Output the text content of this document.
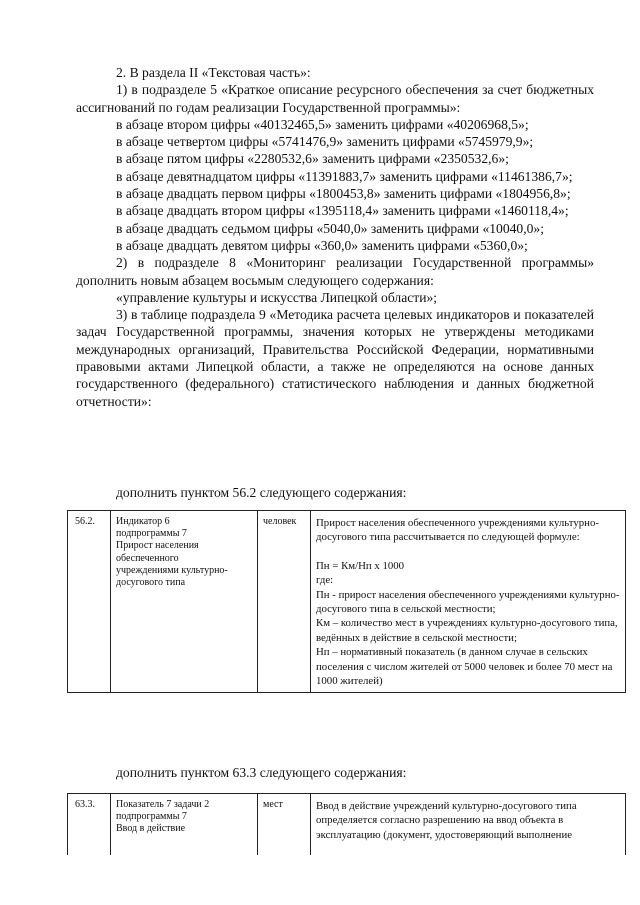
2. В раздела II «Текстовая часть»:

1) в подразделе 5 «Краткое описание ресурсного обеспечения за счет бюджетных ассигнований по годам реализации Государственной программы»:

в абзаце втором цифры «40132465,5» заменить цифрами «40206968,5»;

в абзаце четвертом цифры «5741476,9» заменить цифрами «5745979,9»;

в абзаце пятом цифры «2280532,6» заменить цифрами «2350532,6»;

в абзаце девятнадцатом цифры «11391883,7» заменить цифрами «11461386,7»;

в абзаце двадцать первом цифры «1800453,8» заменить цифрами «1804956,8»;

в абзаце двадцать втором цифры «1395118,4» заменить цифрами «1460118,4»;

в абзаце двадцать седьмом цифры «5040,0» заменить цифрами «10040,0»;

в абзаце двадцать девятом цифры «360,0» заменить цифрами «5360,0»;

2) в подразделе 8 «Мониторинг реализации Государственной программы» дополнить новым абзацем восьмым следующего содержания:

«управление культуры и искусства Липецкой области»;

3) в таблице подраздела 9 «Методика расчета целевых индикаторов и показателей задач Государственной программы, значения которых не утверждены методиками международных организаций, Правительства Российской Федерации, нормативными правовыми актами Липецкой области, а также не определяются на основе данных государственного (федерального) статистического наблюдения и данных бюджетной отчетности»:

дополнить пунктом 56.2 следующего содержания:
56.2.	Индикатор 6
подпрограммы 7
Прирост населения
обеспеченного
учреждениями культурно-
досугового типа
	человек	Прирост населения обеспеченного учреждениями культурно-досугового типа рассчитывается по следующей формуле:
Пн = Км/Нп х 1000
где:
Пн - прирост населения обеспеченного учреждениями культурно-досугового типа в сельской местности;
Км – количество мест в учреждениях культурно-досугового типа, ведённых в действие в сельской местности;
Нп – нормативный показатель (в данном случае в сельских поселения с числом жителей от 5000 человек и более 70 мест на 1000 жителей)
дополнить пунктом 63.3 следующего содержания:
63.3.	Показатель 7 задачи 2
подпрограммы 7
Ввод в действие
	мест	Ввод в действие учреждений культурно-досугового типа определяется согласно разрешению на ввод объекта в эксплуатацию (документ, удостоверяющий выполнение
